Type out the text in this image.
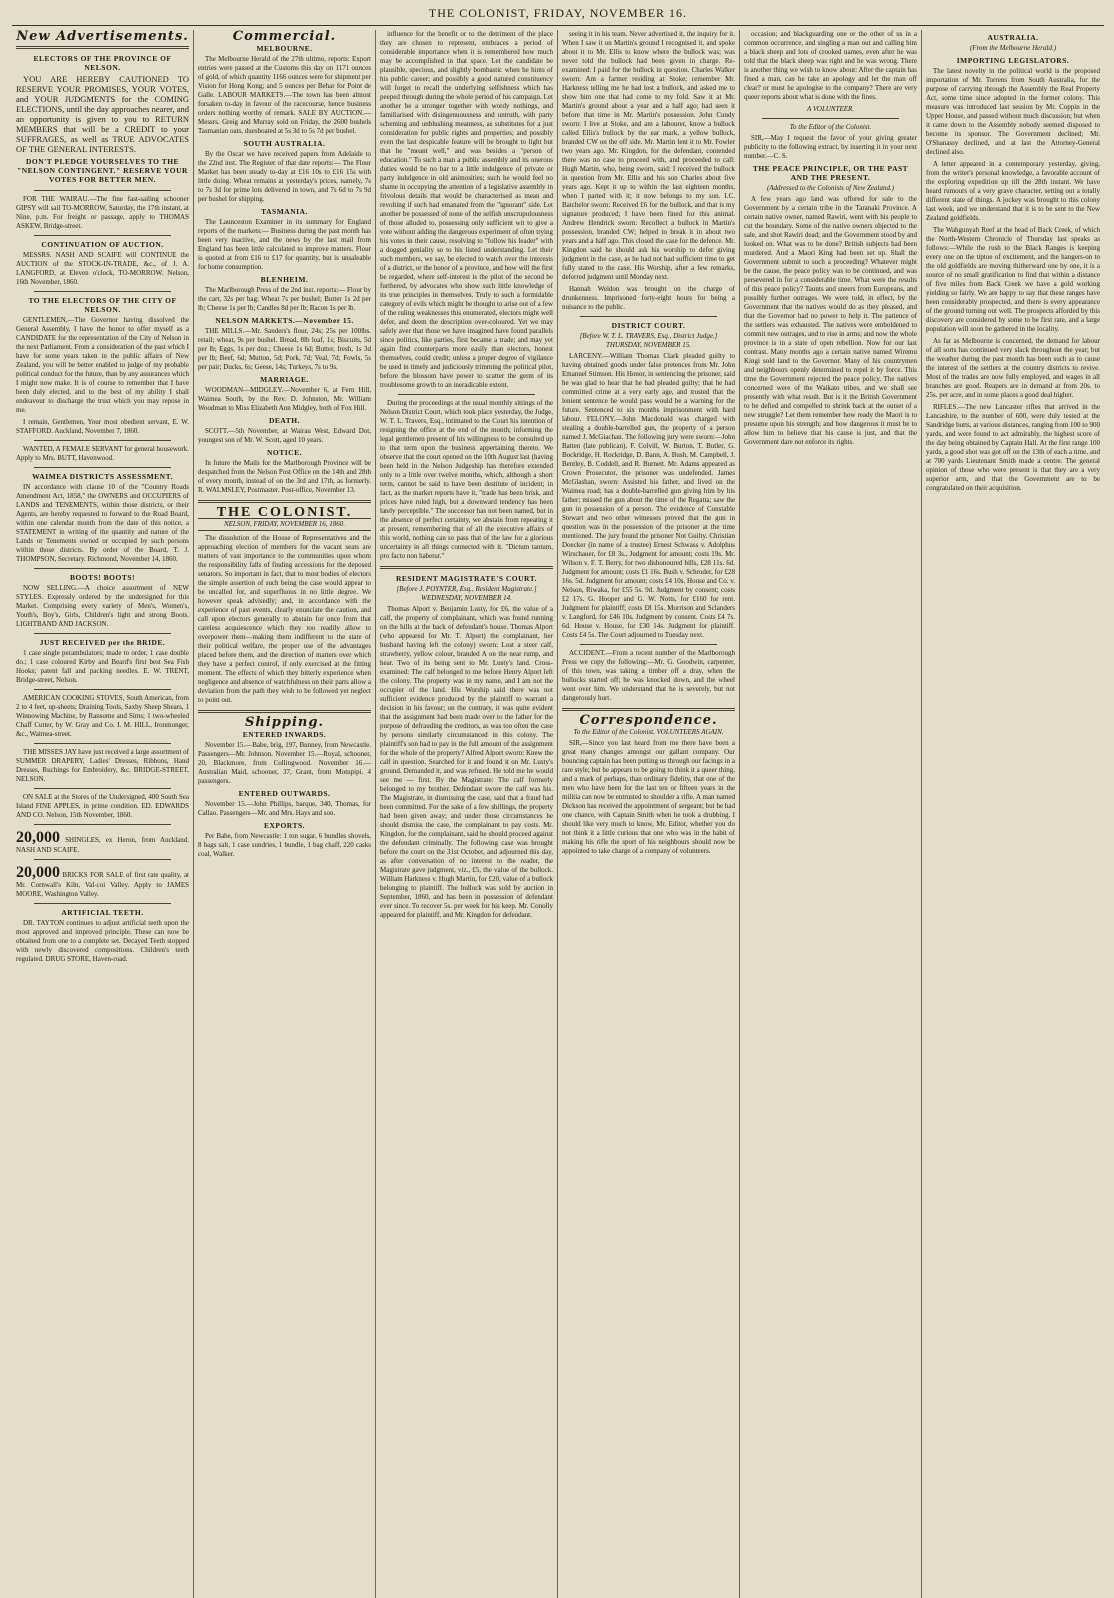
THE COLONIST, FRIDAY, NOVEMBER 16.
New Advertisements.
ELECTORS OF THE PROVINCE OF NELSON.

YOU ARE HEREBY CAUTIONED TO RESERVE YOUR PROMISES, YOUR VOTES, and YOUR JUDGMENTS for the COMING ELECTIONS, until the day approaches nearer, and an opportunity is given to you to RETURN MEMBERS that will be a CREDIT to your SUFFRAGES, as well as TRUE ADVOCATES OF THE GENERAL INTERESTS.

DON'T PLEDGE YOURSELVES TO THE "NELSON CONTINGENT." RESERVE YOUR VOTES FOR BETTER MEN.

FOR THE WAIRAU.—The fine fast-sailing schooner GIPSY will sail TO-MORROW, Saturday, the 17th instant, at Nine, p.m. For freight or passage, apply to THOMAS ASKEW, Bridge-street.

CONTINUATION OF AUCTION.

MESSRS. NASH AND SCAIFE will CONTINUE the AUCTION of the STOCK-IN-TRADE, &c., of J. A. LANGFORD, at Eleven o'clock, TO-MORROW. Nelson, 16th November, 1860.

TO THE ELECTORS OF THE CITY OF NELSON.

GENTLEMEN,—The Governor having dissolved the General Assembly, I have the honor to offer myself as a CANDIDATE for the representation of the City of Nelson in the next Parliament. From a consideration of the past which I have for some years taken in the public affairs of New Zealand, you will be better enabled to judge of my probable political conduct for the future, than by any assurances which I might now make. It is of course to remember that I have been duly elected, and to the best of my ability I shall endeavour to discharge the trust which you may repose in me.

I remain, Gentlemen, Your most obedient servant, E. W. STAFFORD. Auckland, November 7, 1860.

WANTED, A FEMALE SERVANT for general housework. Apply to Mrs. BUTT, Havenwood.

WAIMEA DISTRICTS ASSESSMENT.

IN accordance with clause 10 of the "Country Roads Amendment Act, 1858," the OWNERS and OCCUPIERS of LANDS and TENEMENTS, within those districts, or their Agents, are hereby requested to forward to the Road Board, within one calendar month from the date of this notice, a STATEMENT in writing of the quantity and nature of the Lands or Tenements owned or occupied by such persons within those districts. By order of the Board, T. J. THOMPSON, Secretary. Richmond, November 14, 1860.

BOOTS! BOOTS!

NOW SELLING.—A choice assortment of NEW STYLES. Expressly ordered by the undersigned for this Market. Comprising every variety of Men's, Women's, Youth's, Boy's, Girls, Children's light and strong Boots. LIGHTBAND AND JACKSON.

JUST RECEIVED per the BRIDE.

1 case single perambulators; made to order, 1 case double do.; 1 case coloured Kirby and Beard's first best Sea Fish Hooks; patent fall and packing needles. E. W. TRENT, Bridge-street, Nelson.

AMERICAN COOKING STOVES, South American, from 2 to 4 feet, up-sheets; Draining Tools, Saxby Sheep Shears, 1 Winnowing Machine, by Ransome and Sims; 1 two-wheeled Chaff Cutter, by W. Gray and Co. I. M. HILL, Ironmonger, &c., Waimea-street.

THE MISSES JAY have just received a large assortment of SUMMER DRAPERY, Ladies' Dresses, Ribbons, Hand Dresses, Ruchings for Embroidery, &c. BRIDGE-STREET, NELSON.

ON SALE at the Stores of the Undersigned, 400 South Sea Island FINE APPLES, in prime condition. ED. EDWARDS AND CO. Nelson, 15th November, 1860.

20,000 SHINGLES, ex Heron, from Auckland. NASH AND SCAIFE.
20,000 BRICKS FOR SALE of first rate quality, at Mr. Cornwall's Kiln, Val-coi Valley. Apply to JAMES MOORE, Washington Valley.
ARTIFICIAL TEETH.

DR. TAYTON continues to adjust artificial teeth upon the most approved and improved principle. These can now be obtained from one to a complete set. Decayed Teeth stopped with newly discovered compositions. Children's teeth regulated. DRUG STORE, Haven-road.

Commercial.
MELBOURNE.

The Melbourne Herald of the 27th ultimo, reports: Export entries were passed at the Customs this day on 1171 ounces of gold, of which quantity 1166 ounces were for shipment per Vision for Hong Kong; and 5 ounces per Behar for Point de Galle. LABOUR MARKETS.—The town has been almost forsaken to-day in favour of the racecourse, hence business orders nothing worthy of remark. SALE BY AUCTION.—Messrs. Greig and Murray sold on Friday, the 2600 bushels Tasmanian oats, duesboated at 5s 3d to 5s 7d per bushel.

SOUTH AUSTRALIA.

By the Oscar we have received papers from Adelaide to the 22nd inst. The Register of that date reports:— The Flour Market has been steady to-day at £16 10s to £16 15s with little doing. Wheat remains at yesterday's prices, namely, 7s to 7s 3d for prime lots delivered in town, and 7s 6d to 7s 9d per bushel for shipping.

TASMANIA.

The Launceston Examiner in its summary for England reports of the markets:— Business during the past month has been very inactive, and the news by the last mail from England has been little calculated to improve matters. Flour is quoted at from £16 to £17 for quantity, but is unsaleable for home consumption.

BLENHEIM.

The Marlborough Press of the 2nd inst. reports:— Flour by the cart, 32s per bag; Wheat 7s per bushel; Butter 1s 2d per lb; Cheese 1s per lb; Candles 8d per lb; Bacon 1s per lb.

NELSON MARKETS.—November 15.

THE MILLS.—Mr. Sanders's flour, 24s; 25s per 100lbs. retail; wheat, 9s per bushel. Bread, 8lb loaf, 1s; Biscuits, 5d per lb; Eggs, 1s per doz.; Cheese 1s 6d; Butter, fresh, 1s 3d per lb; Beef, 6d; Mutton, 5d; Pork, 7d; Veal, 7d; Fowls, 5s per pair; Ducks, 6s; Geese, 14s; Turkeys, 7s to 9s.

MARRIAGE.

WOODMAN—MIDGLEY.—November 6, at Fern Hill, Waimea South, by the Rev. D. Johnston, Mr. William Woodman to Miss Elizabeth Ann Midgley, both of Fox Hill.

DEATH.

SCOTT.—5th November, at Wairau West, Edward Dot, youngest son of Mr. W. Scott, aged 10 years.

NOTICE.

In future the Mails for the Marlborough Province will be despatched from the Nelson Post Office on the 14th and 28th of every month, instead of on the 3rd and 17th, as formerly. R. WALMSLEY, Postmaster. Post-office, November 13.

THE COLONIST.
NELSON, FRIDAY, NOVEMBER 16, 1860.

The dissolution of the House of Representatives and the approaching election of members for the vacant seats are matters of vast importance to the communities upon whom the responsibility falls of finding accessions for the deposed senators. So important in fact, that to most bodies of electors the simple assertion of such being the case would appear to be uncalled for, and superfluous in no little degree. We however speak advisedly; and, in accordance with the experience of past events, clearly enunciate the caution, and call upon electors generally to abstain for once from that careless acquiescence which they too readily allow to overpower them—making them indifferent to the state of their political welfare, the proper use of the advantages placed before them, and the direction of matters over which they have a perfect control, if only exercised at the fitting moment. The effects of which they bitterly experience when negligence and absence of watchfulness on their parts allow a deviation from the path they wish to be followed yet neglect to point out.

Shipping.
ENTERED INWARDS.

November 15.—Babe, brig, 197, Bunney, from Newcastle. Passengers—Mr. Johnson. November 15.—Royal, schooner, 20, Blackmore, from Collingwood. November 16.—Australian Maid, schooner, 37, Grant, from Motupipi. 4 passengers.

ENTERED OUTWARDS.

November 15.—John Phillips, barque, 340, Thomas, for Callao. Passengers—Mr. and Mrs. Hays and son.

EXPORTS.

Per Babe, from Newcastle: 1 ton sugar, 6 bundles shovels, 8 bags salt, 1 case sundries, 1 bundle, 1 bag chaff, 220 casks coal, Walker.

influence for the benefit or to the detriment of the place they are chosen to represent, embraces a period of considerable importance when it is remembered how much may be accomplished in that space. Let the candidate be plausible, specious, and slightly bombastic when he hints of his public career; and possibly a good natured constituency will forget to recall the underlying selfishness which has peeped through during the whole period of his campaign. Let another be a stronger together with wordy nothings, and familiarised with disingenuousness and untruth, with party scheming and unblushing meanness, as substitutes for a just consideration for public rights and properties; and possibly even the last despicable feature will be brought to light but that he "meant well," and was besides a "person of education." To such a man a public assembly and its onerous duties would be no bar to a little indulgence of private or party indulgence in old animosities; such he would feel no shame in occupying the attention of a legislative assembly in frivolous details that would be characterised as mean and revolting if such had emanated from the "ignorant" side. Let another be possessed of none of the selfish unscrupulousness of those alluded to, possessing only sufficient wit to give a vote without adding the dangerous experiment of often trying his votes in their cause, resolving to "follow his leader" with a dogged geniality so to his listed understanding. Let their such members, we say, be elected to watch over the interests of a district, or the honor of a province, and how will the first be regarded, where self-interest is the pilot of the second be furthered, by advocates who show such little knowledge of its true principles in themselves. Truly to such a formidable category of evils which might be thought to arise out of a few of the ruling weaknesses this enumerated, electors might well defer, and deem the description over-coloured. Yet we may safely aver that those we have imagined have found parallels since politics, like parties, first became a trade; and may yet again find counterparts more easily than electors, honest themselves, could credit; unless a proper degree of vigilance be used in timely and judiciously trimming the political pilot, before the blossom have power to scatter the germ of its troublesome growth to an ineradicable extent.

During the proceedings at the usual monthly sittings of the Nelson District Court, which took place yesterday, the Judge, W. T. L. Travers, Esq., intimated to the Court his intention of resigning the office at the end of the month; informing the legal gentlemen present of his willingness to be consulted up to that term upon the business appertaining thereto. We observe that the court opened on the 10th August last (having been held in the Nelson Judgeship has therefore extended only to a little over twelve months, which, although a short term, cannot be said to have been destitute of incident; in fact, as the market reports have it, "trade has been brisk, and prices have ruled high, but a downward tendency has been lately perceptible." The successor has not been named, but in the absence of perfect certainty, we abstain from repeating it at present, remembering that of all the executive affairs of this world, nothing can so pass that of the law for a glorious uncertainty in all things connected with it. "Dictum tantum, pro facto non habetur."

RESIDENT MAGISTRATE'S COURT.
[Before J. POYNTER, Esq., Resident Magistrate.] WEDNESDAY, NOVEMBER 14.

Thomas Alport v. Benjamin Lusty, for £6, the value of a calf, the property of complainant, which was found running on the hills at the back of defendant's house. Thomas Alport (who appeared for Mr. T. Alport) the complainant, her husband having left the colony) sworn: Lost a steer calf, strawberry, yellow colour, branded A on the near rump, and hear. Two of its being sent to Mr. Lusty's land. Cross-examined: The calf belonged to me before Henry Alport left the colony. The property was in my name, and I am not the occupier of the land. His Worship said there was not sufficient evidence produced by the plaintiff to warrant a decision in his favour; on the contrary, it was quite evident that the assignment had been made over to the father for the purpose of defrauding the creditors, as was too often the case by persons similarly circumstanced in this colony. The plaintiff's son had to pay in the full amount of the assignment for the whole of the property? Alfred Alport sworn: Knew the calf in question. Searched for it and found it on Mr. Lusty's ground. Demanded it, and was refused. He told me he would see me — first. By the Magistrate: The calf formerly belonged to my brother. Defendant swore the calf was his. The Magistrate, in dismissing the case, said that a fraud had been committed. For the sake of a few shillings, the property had been given away; and under those circumstances he should dismiss the case, the complainant to pay costs. Mr. Kingdon, for the complainant, said he should proceed against the defendant criminally. The following case was brought before the court on the 31st October, and adjourned this day, as after conversation of no interest to the reader, the Magistrate gave judgment, viz., £5, the value of the bullock. William Harkness v. Hugh Martin, for £20, value of a bullock belonging to plaintiff. The bullock was sold by auction in September, 1860, and has been in possession of defendant ever since. To recover 5s. per week for his keep. Mr. Conolly appeared for plaintiff, and Mr. Kingdon for defendant.

seeing it in his team. Never advertised it, the inquiry for it. When I saw it on Martin's ground I recognised it, and spoke about it to Mr. Ellis to know where the bullock was; was never told the bullock had been given in charge. Re-examined: I paid for the bullock in question. Charles Walker sworn: Am a farmer residing at Stoke; remember Mr. Harkness telling me he had lost a bullock, and asked me to show him one that had come to my fold. Saw it at Mr. Martin's ground about a year and a half ago; had seen it before that time in Mr. Martin's possession. John Cundy sworn: I live at Stoke, and am a labourer, know a bullock called Ellis's bullock by the ear mark, a yellow bullock, branded CW on the off side. Mr. Martin lent it to Mr. Fowler two years ago. Mr. Kingdon, for the defendant, contended there was no case to proceed with, and proceeded to call: Hugh Martin, who, being sworn, said: I received the bullock in question from Mr. Ellis and his son Charles about five years ago. Kept it up to within the last eighteen months, when I parted with it; it now belongs to my son. I.C. Batchelor sworn: Received £6 for the bullock, and that is my signature produced; I have been fined for this animal. Andrew Hendrick sworn: Recollect a bullock in Martin's possession, branded CW; helped to break it in about two years and a half ago. This closed the case for the defence. Mr. Kingdon said he should ask his worship to defer giving judgment in the case, as he had not had sufficient time to get fully stated to the case. His Worship, after a few remarks, deferred judgment until Monday next.

Hannah Weldon was brought on the charge of drunkenness. Imprisoned forty-eight hours for being a nuisance to the public.

DISTRICT COURT.
[Before W. T. L. TRAVERS, Esq., District Judge.] THURSDAY, NOVEMBER 15.

LARCENY.—William Thomas Clark pleaded guilty to having obtained goods under false pretences from Mr. John Emanuel Stimson. His Honor, in sentencing the prisoner, said he was glad to hear that he had pleaded guilty; that he had committed crime at a very early age, and trusted that the lenient sentence he would pass would be a warning for the future. Sentenced to six months imprisonment with hard labour. FELONY.—John Macdonald was charged with stealing a double-barrelled gun, the property of a person named J. McGiachan. The following jury were sworn:—John Batten (late publican), F. Colvill, W. Burton, T. Butler, G. Bockridge, H. Rockridge, D. Bann, A. Bush, M. Campbell, J. Bentley, B. Coddell, and R. Burnett. Mr. Adams appeared as Crown Prosecutor, the prisoner was undefended. James McGlashan, sworn: Assisted his father, and lived on the Waimea road; has a double-barrelled gun giving him by his father; missed the gun about the time of the Regatta; saw the gun in possession of a person. The evidence of Constable Stewart and two other witnesses proved that the gun in question was in the possession of the prisoner at the time mentioned. The jury found the prisoner Not Guilty. Christian Doecker (in name of a trustee) Ernest Schwass v. Adolphus Wirschauer, for £8 3s., Judgment for amount; costs 19s. Mr. Wilson v. F. T. Berry, for two dishonoured bills, £28 11s. 6d. Judgment for amount; costs £1 16s. Bush v. Schroder, for £28 16s. 5d. Judgment for amount; costs £4 10s. House and Co. v. Nelson, Riwaka, for £55 5s. 9d. Judgment by consent; costs £2 17s. G. Hooper and G. W. Notts, for £160 for rent. Judgment for plaintiff; costs £8 15s. Morrison and Sclanders v. Langford, for £46 10s. Judgment by consent. Costs £4 7s. 6d. House v. House, for £30 14s. Judgment for plaintiff. Costs £4 5s. The Court adjourned to Tuesday next.

ACCIDENT.—From a recent number of the Marlborough Press we copy the following:—Mr. G. Goodwin, carpenter, of this town, was taking a timber off a dray, when the bullocks started off; he was knocked down, and the wheel went over him. We understand that he is severely, but not dangerously hurt.

Correspondence.
To the Editor of the Colonist. VOLUNTEERS AGAIN.

SIR,—Since you last heard from me there have been a great many changes amongst our gallant company. Our bouncing captain has been putting us through our facings in a rare style; but he appears to be going to think it a queer thing, and a mark of perhaps, than ordinary fidelity, that one of the men who have been for the last ten or fifteen years in the militia can now be entrusted to shoulder a rifle. A man named Dickson has received the appointment of sergeant; but he had one chance, with Captain Smith when he took a drubbing. I should like very much to know, Mr. Editor, whether you do not think it a little curious that one who was in the habit of making his rifle the sport of his neighbours should now be appointed to take charge of a company of volunteers.

occasion; and blackguarding one or the other of us in a common occurrence, and singling a man out and calling him a black sheep and lots of crooked names, even after he was told that the black sheep was right and he was wrong. There is another thing we wish to know about: After the captain has fined a man, can he take an apology and let the man off clear? or must he apologise to the company? There are very queer reports about what is done with the fines.

A VOLUNTEER.
To the Editor of the Colonist.

SIR,—May I request the favor of your giving greater publicity to the following extract, by inserting it in your next number.—C. S.

THE PEACE PRINCIPLE, OR THE PAST AND THE PRESENT.
(Addressed to the Colonists of New Zealand.)

A few years ago land was offered for sale to the Government by a certain tribe in the Taranaki Province. A certain native owner, named Rawiri, went with his people to cut the boundary. Some of the native owners objected to the sale, and shot Rawiri dead; and the Government stood by and looked on. What was to be done? British subjects had been murdered. And a Maori King had been set up. Shall the Government submit to such a proceeding? Whatever might be the cause, the peace policy was to be continued, and was persevered in for a considerable time. What were the results of this peace policy? Taunts and sneers from Europeans, and possibly further outrages. We were told, in effect, by the Government that the natives would do as they pleased, and that the Governor had no power to help it. The patience of the settlers was exhausted. The natives were emboldened to commit new outrages, and to rise in arms; and now the whole province is in a state of open rebellion. Now for our last contrast. Many months ago a certain native named Wiremu Kingi sold land to the Governor. Many of his countrymen and neighbours openly determined to repel it by force. This time the Government rejected the peace policy. The natives concerned were of the Waikato tribes, and we shall see presently with what result. But is it the British Government to be defied and compelled to shrink back at the outset of a new struggle? Let them remember how ready the Maori is to presume upon his strength; and how dangerous it must be to allow him to believe that his cause is just, and that the Government dare not enforce its rights.

AUSTRALIA.
(From the Melbourne Herald.)
IMPORTING LEGISLATORS.

The latest novelty in the political world is the proposed importation of Mr. Torrens from South Australia, for the purpose of carrying through the Assembly the Real Property Act, some time since adopted in the former colony. This measure was introduced last session by Mr. Coppin in the Upper House, and passed without much discussion; but when it came down to the Assembly nobody seemed disposed to become its sponsor. The Government declined; Mr. O'Shanassy declined, and at last the Attorney-General declined also.

A letter appeared in a contemporary yesterday, giving, from the writer's personal knowledge, a favorable account of the exploring expedition up till the 28th instant. We have heard rumours of a very grave character, setting out a totally different state of things. A jockey was brought to this colony last week, and we understand that it is to be sent to the New Zealand goldfields.

The Wahgunyah Reef at the head of Back Creek, of which the North-Western Chronicle of Thursday last speaks as follows:—While the rush to the Black Ranges is keeping every one on the tiptoe of excitement, and the hangers-on to the old goldfields are moving thitherward one by one, it is a source of no small gratification to find that within a distance of five miles from Back Creek we have a gold working yielding so fairly. We are happy to say that these ranges have been considerably prospected, and there is every appearance of the ground turning out well. The prospects afforded by this discovery are considered by some to be first rate, and a large population will soon be gathered in the locality.

As far as Melbourne is concerned, the demand for labour of all sorts has continued very slack throughout the year; but the weather during the past month has been such as to cause the interest of the settlers at the country districts to revive. Most of the trades are now fully employed, and wages in all branches are good. Reapers are in demand at from 20s. to 25s. per acre, and in some places a good deal higher.

RIFLES.—The new Lancaster rifles that arrived in the Lancashire, to the number of 600, were duly tested at the Sandridge butts, at various distances, ranging from 100 to 900 yards, and were found to act admirably, the highest score of the day being obtained by Captain Hall. At the first range 100 yards, a good shot was got off on the 13th of each a time, and at 700 yards Lieutenant Smith made a centre. The general opinion of those who were present is that they are a very superior arm, and that the Government are to be congratulated on their acquisition.
